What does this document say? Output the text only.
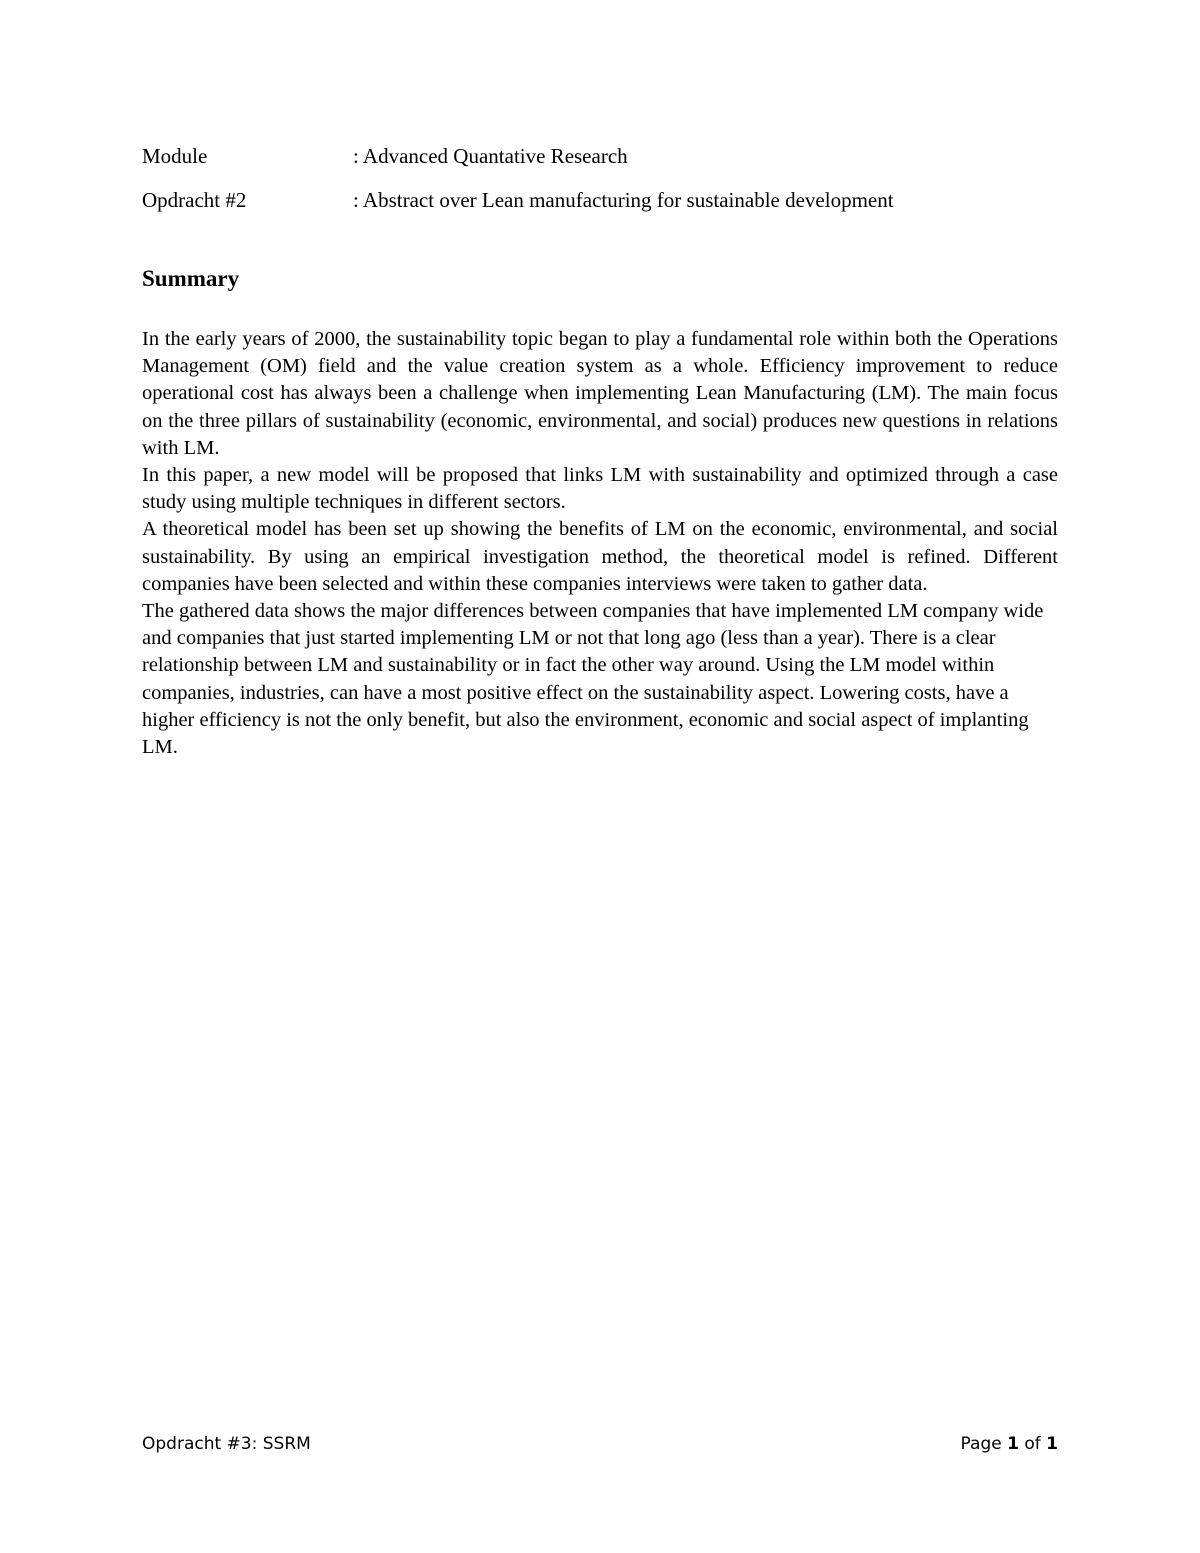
Module	: Advanced Quantative Research
Opdracht #2	: Abstract over Lean manufacturing for sustainable development
Summary

In the early years of 2000, the sustainability topic began to play a fundamental role within both the Operations Management (OM) field and the value creation system as a whole. Efficiency improvement to reduce operational cost has always been a challenge when implementing Lean Manufacturing (LM). The main focus on the three pillars of sustainability (economic, environmental, and social) produces new questions in relations with LM.

In this paper, a new model will be proposed that links LM with sustainability and optimized through a case study using multiple techniques in different sectors.

A theoretical model has been set up showing the benefits of LM on the economic, environmental, and social sustainability. By using an empirical investigation method, the theoretical model is refined. Different companies have been selected and within these companies interviews were taken to gather data.

The gathered data shows the major differences between companies that have implemented LM company wide and companies that just started implementing LM or not that long ago (less than a year). There is a clear relationship between LM and sustainability or in fact the other way around. Using the LM model within companies, industries, can have a most positive effect on the sustainability aspect. Lowering costs, have a higher efficiency is not the only benefit, but also the environment, economic and social aspect of implanting LM.

Opdracht #3: SSRM	Page 1 of 1
